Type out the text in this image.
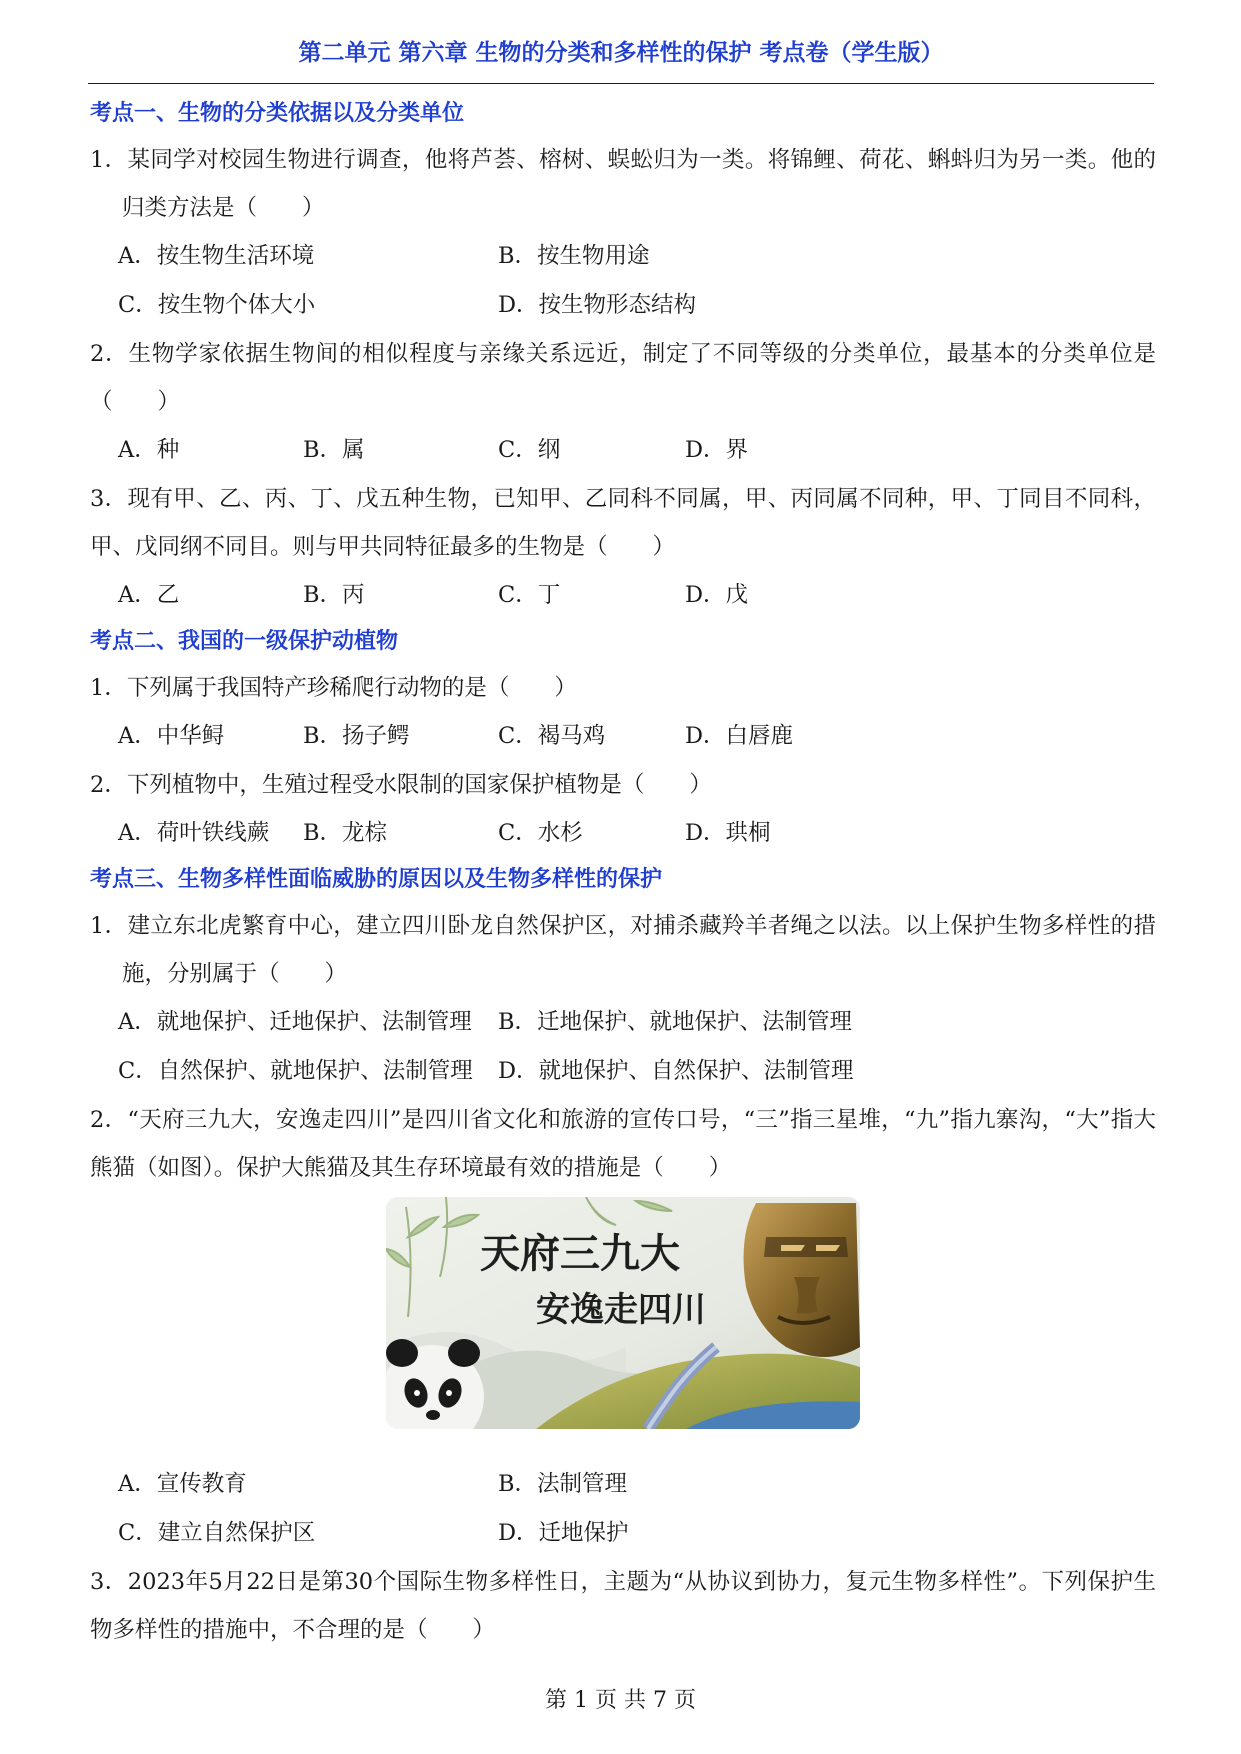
第二单元 第六章 生物的分类和多样性的保护 考点卷（学生版）
考点一、生物的分类依据以及分类单位
1．某同学对校园生物进行调查，他将芦荟、榕树、蜈蚣归为一类。将锦鲤、荷花、蝌蚪归为另一类。他的归类方法是（　　）
A．按生物生活环境	B．按生物用途
C．按生物个体大小	D．按生物形态结构
2．生物学家依据生物间的相似程度与亲缘关系远近，制定了不同等级的分类单位，最基本的分类单位是（　　）
A．种	B．属	C．纲	D．界
3．现有甲、乙、丙、丁、戊五种生物，已知甲、乙同科不同属，甲、丙同属不同种，甲、丁同目不同科，甲、戊同纲不同目。则与甲共同特征最多的生物是（　　）
A．乙	B．丙	C．丁	D．戊
考点二、我国的一级保护动植物
1．下列属于我国特产珍稀爬行动物的是（　　）
A．中华鲟	B．扬子鳄	C．褐马鸡	D．白唇鹿
2．下列植物中，生殖过程受水限制的国家保护植物是（　　）
A．荷叶铁线蕨 B．龙棕	C．水杉	D．珙桐
考点三、生物多样性面临威胁的原因以及生物多样性的保护
1．建立东北虎繁育中心，建立四川卧龙自然保护区，对捕杀藏羚羊者绳之以法。以上保护生物多样性的措施，分别属于（　　）
A．就地保护、迁地保护、法制管理 B．迁地保护、就地保护、法制管理
C．自然保护、就地保护、法制管理 D．就地保护、自然保护、法制管理
2．“天府三九大，安逸走四川”是四川省文化和旅游的宣传口号，“三”指三星堆，“九”指九寨沟，“大”指大熊猫（如图）。保护大熊猫及其生存环境最有效的措施是（　　）
天府三九大
安逸走四川
A．宣传教育	B．法制管理
C．建立自然保护区	D．迁地保护
3．2023年5月22日是第30个国际生物多样性日，主题为“从协议到协力，复元生物多样性”。下列保护生物多样性的措施中，不合理的是（　　）
第 1 页 共 7 页
